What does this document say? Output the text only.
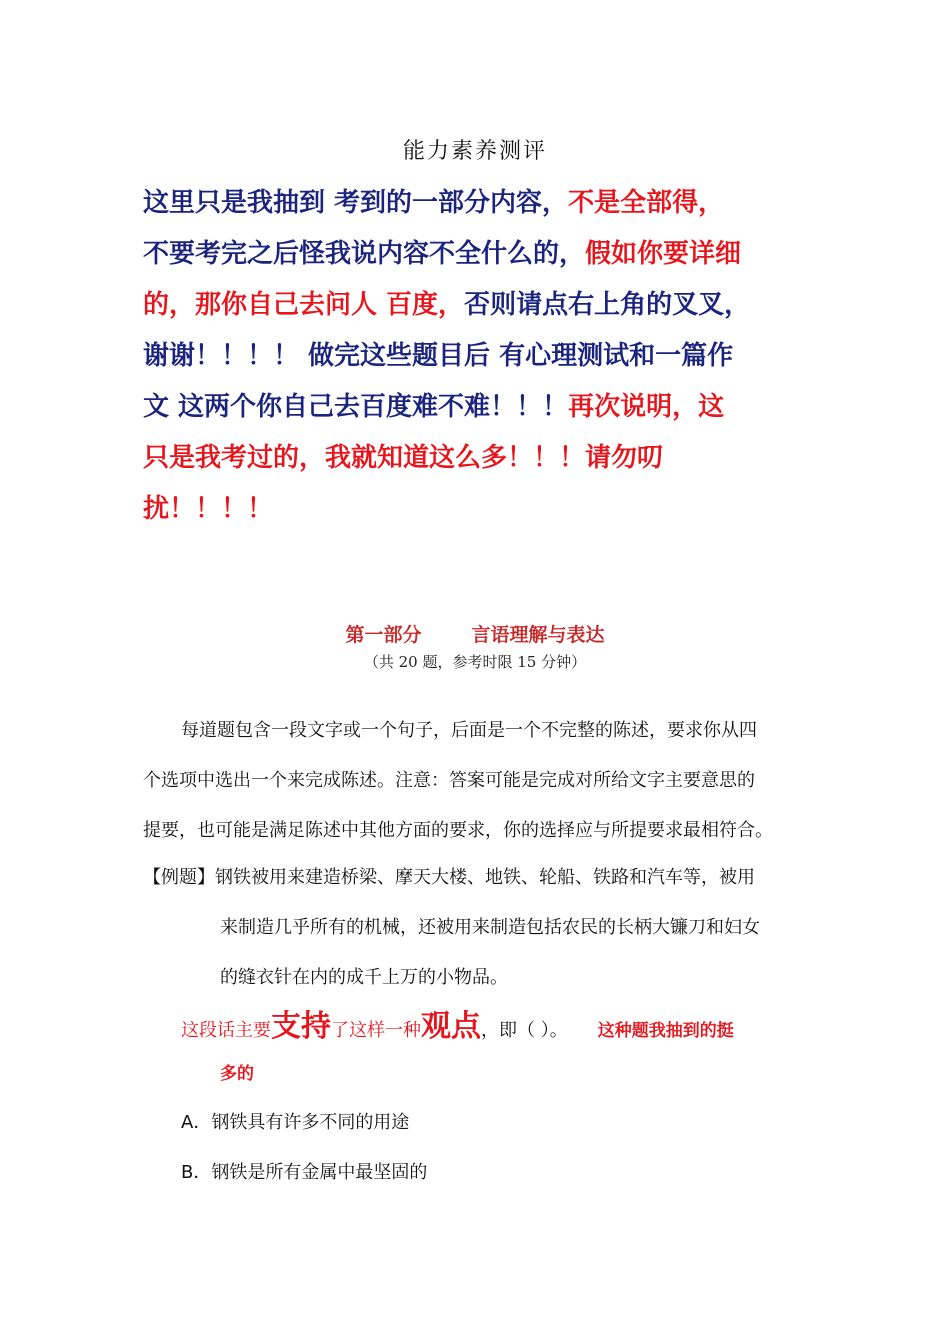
能力素养测评
这里只是我抽到 考到的一部分内容，不是全部得，
不要考完之后怪我说内容不全什么的，假如你要详细
的，那你自己去问人 百度，否则请点右上角的叉叉，
谢谢！！！！ 做完这些题目后 有心理测试和一篇作
文 这两个你自己去百度难不难！！！再次说明，这
只是我考过的，我就知道这么多！！！请勿叨
扰！！！！
第一部分	言语理解与表达
（共 20 题，参考时限 15 分钟）
每道题包含一段文字或一个句子，后面是一个不完整的陈述，要求你从四
个选项中选出一个来完成陈述。注意：答案可能是完成对所给文字主要意思的
提要，也可能是满足陈述中其他方面的要求，你的选择应与所提要求最相符合。
【例题】钢铁被用来建造桥梁、摩天大楼、地铁、轮船、铁路和汽车等，被用
来制造几乎所有的机械，还被用来制造包括农民的长柄大镰刀和妇女
的缝衣针在内的成千上万的小物品。
这段话主要支持了这样一种观点，即（ ）。 这种题我抽到的挺
多的
A．钢铁具有许多不同的用途
B．钢铁是所有金属中最坚固的
